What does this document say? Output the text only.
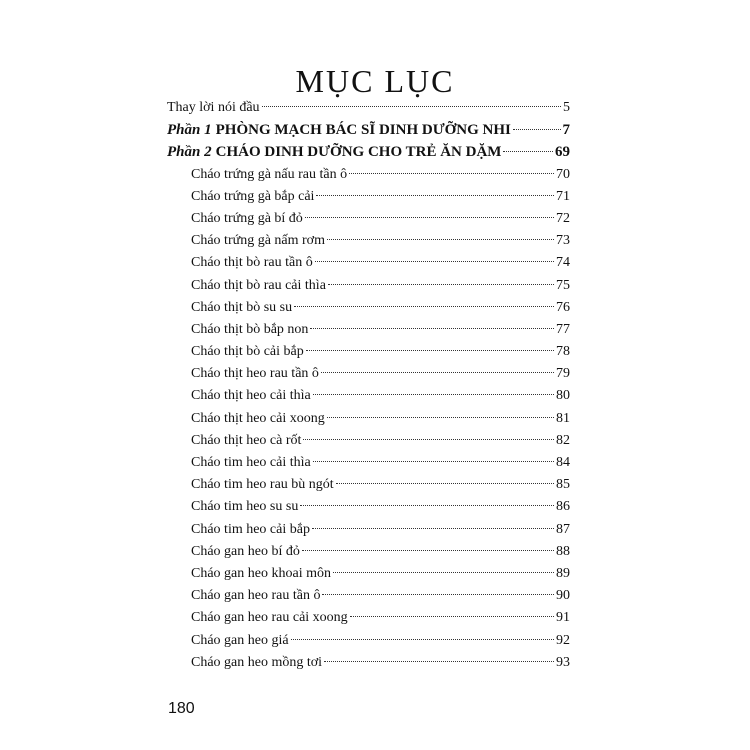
MỤC LỤC
Thay lời nói đầu	5
Phần 1 PHÒNG MẠCH BÁC SĨ DINH DƯỠNG NHI	7
Phần 2 CHÁO DINH DƯỠNG CHO TRẺ ĂN DẶM	69
Cháo trứng gà nấu rau tần ô	70
Cháo trứng gà bắp cải	71
Cháo trứng gà bí đỏ	72
Cháo trứng gà nấm rơm	73
Cháo thịt bò rau tần ô	74
Cháo thịt bò rau cải thìa	75
Cháo thịt bò su su	76
Cháo thịt bò bắp non	77
Cháo thịt bò cải bắp	78
Cháo thịt heo rau tần ô	79
Cháo thịt heo cải thìa	80
Cháo thịt heo cải xoong	81
Cháo thịt heo cà rốt	82
Cháo tim heo cải thìa	84
Cháo tim heo rau bù ngót	85
Cháo tim heo su su	86
Cháo tim heo cải bắp	87
Cháo gan heo bí đỏ	88
Cháo gan heo khoai môn	89
Cháo gan heo rau tần ô	90
Cháo gan heo rau cải xoong	91
Cháo gan heo giá	92
Cháo gan heo mồng tơi	93
180
